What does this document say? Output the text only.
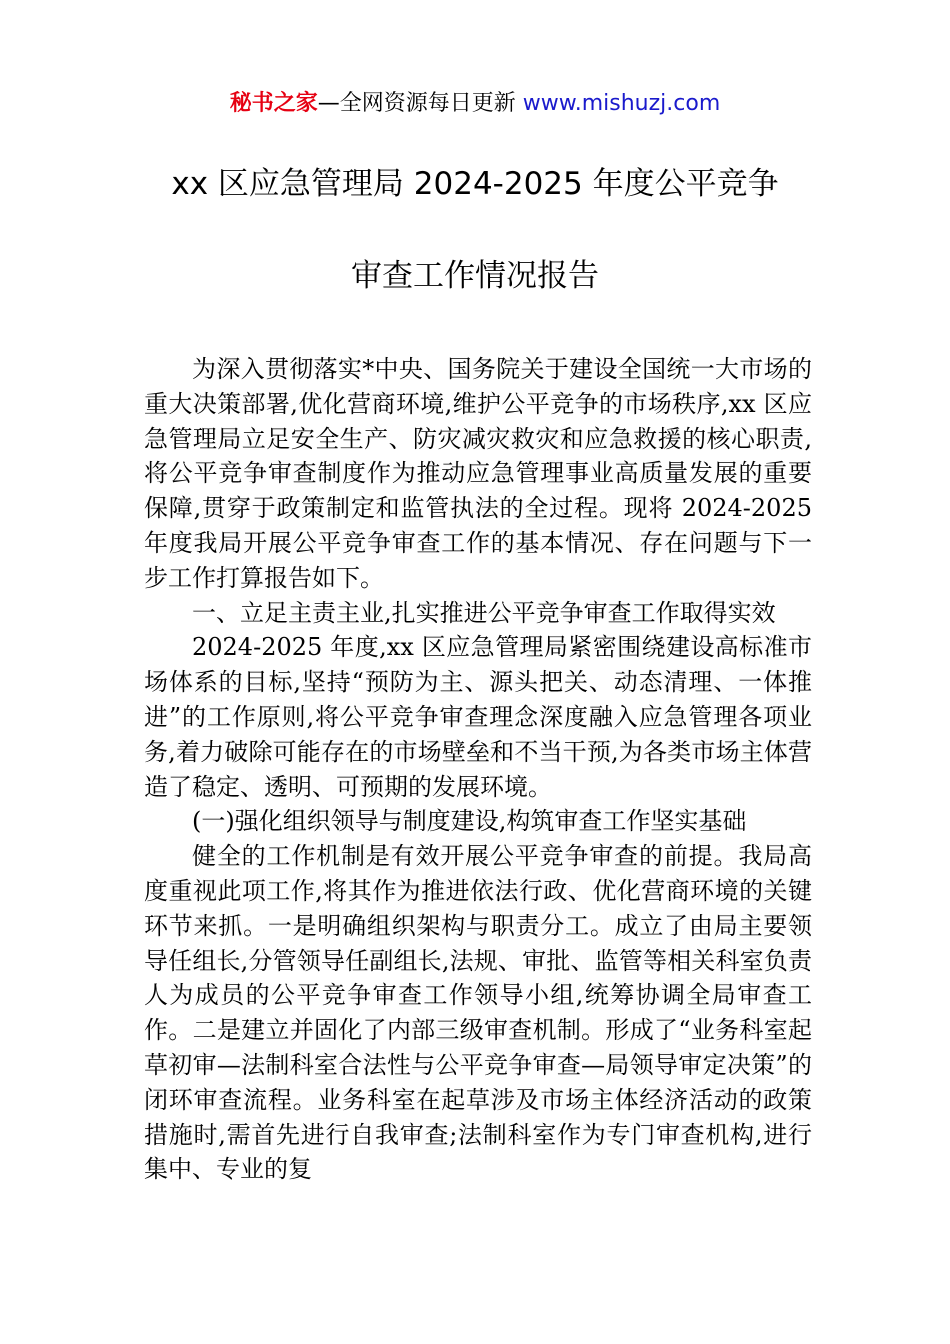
秘书之家—全网资源每日更新 www.mishuzj.com
xx 区应急管理局 2024-2025 年度公平竞争
审查工作情况报告

为深入贯彻落实*中央、国务院关于建设全国统一大市场的重大决策部署,优化营商环境,维护公平竞争的市场秩序,xx 区应急管理局立足安全生产、防灾减灾救灾和应急救援的核心职责,将公平竞争审查制度作为推动应急管理事业高质量发展的重要保障,贯穿于政策制定和监管执法的全过程。现将 2024-2025 年度我局开展公平竞争审查工作的基本情况、存在问题与下一步工作打算报告如下。

一、立足主责主业,扎实推进公平竞争审查工作取得实效

2024-2025 年度,xx 区应急管理局紧密围绕建设高标准市场体系的目标,坚持“预防为主、源头把关、动态清理、一体推进”的工作原则,将公平竞争审查理念深度融入应急管理各项业务,着力破除可能存在的市场壁垒和不当干预,为各类市场主体营造了稳定、透明、可预期的发展环境。

(一)强化组织领导与制度建设,构筑审查工作坚实基础

健全的工作机制是有效开展公平竞争审查的前提。我局高度重视此项工作,将其作为推进依法行政、优化营商环境的关键环节来抓。一是明确组织架构与职责分工。成立了由局主要领导任组长,分管领导任副组长,法规、审批、监管等相关科室负责人为成员的公平竞争审查工作领导小组,统筹协调全局审查工作。二是建立并固化了内部三级审查机制。形成了“业务科室起草初审—法制科室合法性与公平竞争审查—局领导审定决策”的闭环审查流程。业务科室在起草涉及市场主体经济活动的政策措施时,需首先进行自我审查;法制科室作为专门审查机构,进行集中、专业的复
